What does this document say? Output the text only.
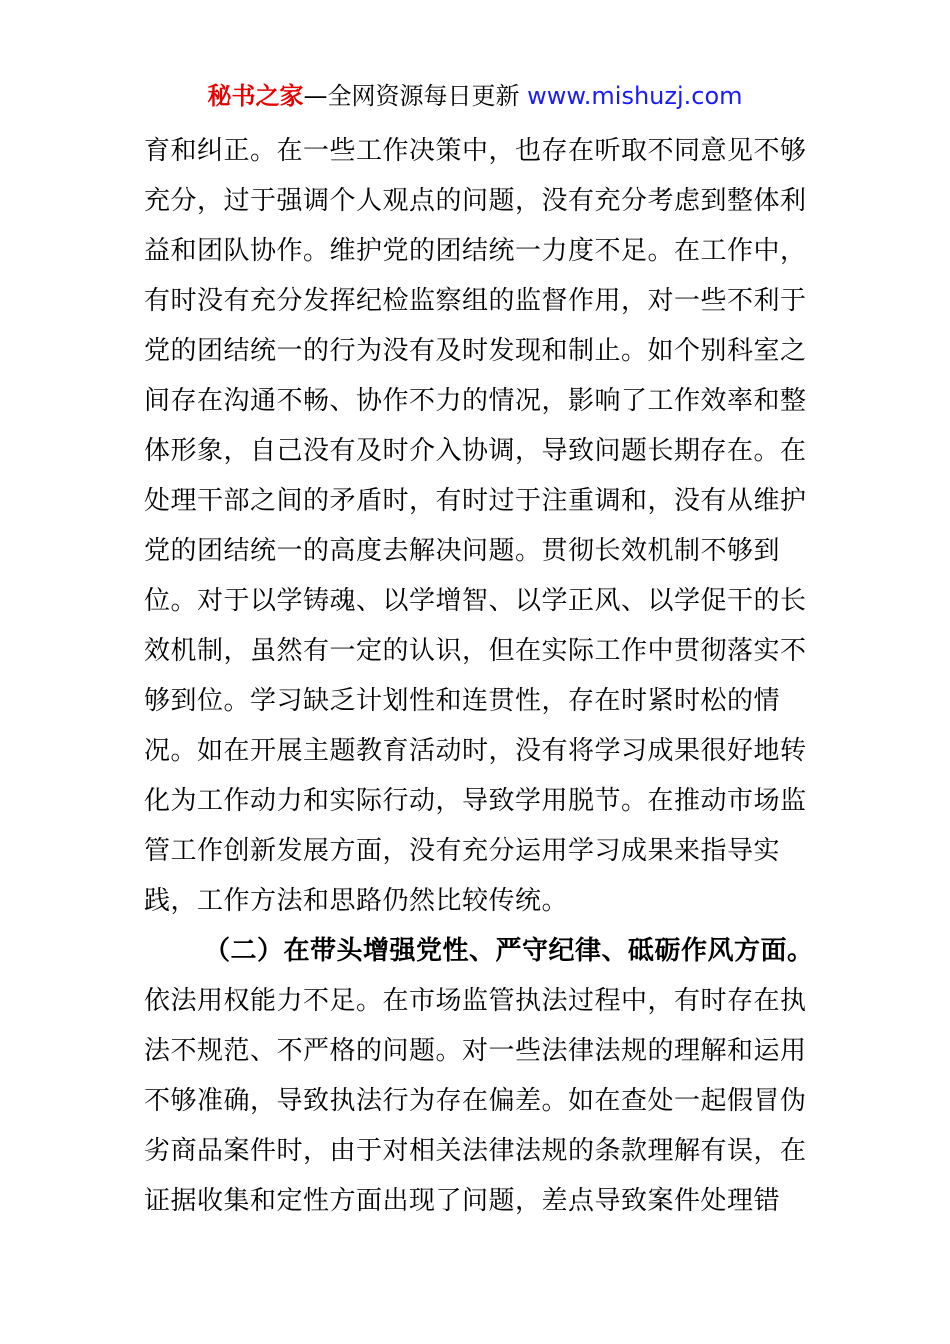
秘书之家—全网资源每日更新 www.mishuzj.com
育和纠正。在一些工作决策中，也存在听取不同意见不够
充分，过于强调个人观点的问题，没有充分考虑到整体利
益和团队协作。维护党的团结统一力度不足。在工作中，
有时没有充分发挥纪检监察组的监督作用，对一些不利于
党的团结统一的行为没有及时发现和制止。如个别科室之
间存在沟通不畅、协作不力的情况，影响了工作效率和整
体形象，自己没有及时介入协调，导致问题长期存在。在
处理干部之间的矛盾时，有时过于注重调和，没有从维护
党的团结统一的高度去解决问题。贯彻长效机制不够到
位。对于以学铸魂、以学增智、以学正风、以学促干的长
效机制，虽然有一定的认识，但在实际工作中贯彻落实不
够到位。学习缺乏计划性和连贯性，存在时紧时松的情
况。如在开展主题教育活动时，没有将学习成果很好地转
化为工作动力和实际行动，导致学用脱节。在推动市场监
管工作创新发展方面，没有充分运用学习成果来指导实
践，工作方法和思路仍然比较传统。
（二）在带头增强党性、严守纪律、砥砺作风方面。
依法用权能力不足。在市场监管执法过程中，有时存在执
法不规范、不严格的问题。对一些法律法规的理解和运用
不够准确，导致执法行为存在偏差。如在查处一起假冒伪
劣商品案件时，由于对相关法律法规的条款理解有误，在
证据收集和定性方面出现了问题，差点导致案件处理错
